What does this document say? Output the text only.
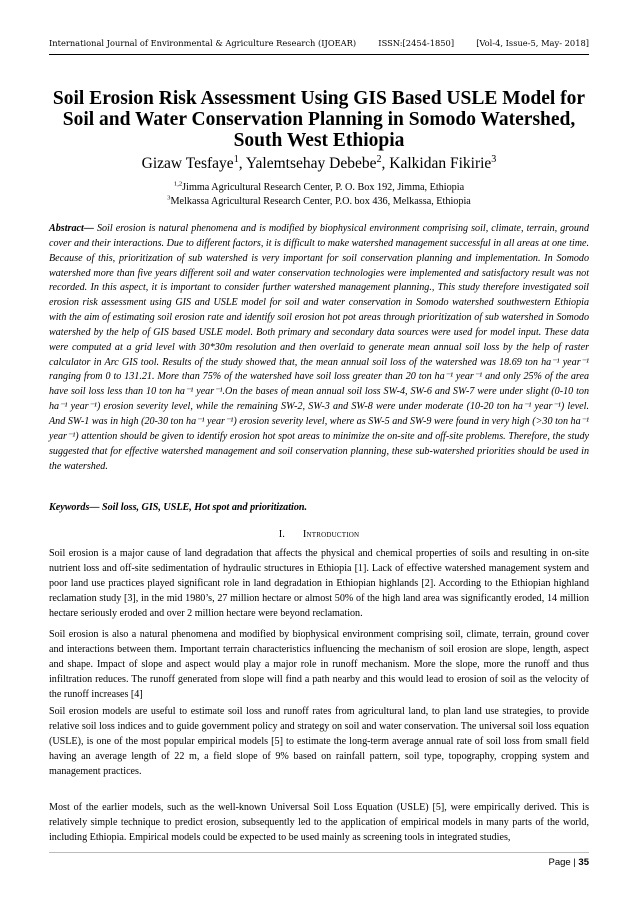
International Journal of Environmental & Agriculture Research (IJOEAR)	ISSN:[2454-1850]	[Vol-4, Issue-5, May- 2018]
Soil Erosion Risk Assessment Using GIS Based USLE Model for Soil and Water Conservation Planning in Somodo Watershed, South West Ethiopia
Gizaw Tesfaye$^1$, Yalemtsehay Debebe$^2$, Kalkidan Fikirie$^3$
$^{1,2}$Jimma Agricultural Research Center, P. O. Box 192, Jimma, Ethiopia
$^3$Melkassa Agricultural Research Center, P.O. box 436, Melkassa, Ethiopia

Abstract— Soil erosion is natural phenomena and is modified by biophysical environment comprising soil, climate, terrain, ground cover and their interactions. Due to different factors, it is difficult to make watershed management successful in all areas at one time. Because of this, prioritization of sub watershed is very important for soil conservation planning and implementation. In Somodo watershed more than five years different soil and water conservation technologies were implemented and satisfactory result was not recorded. In this aspect, it is important to consider further watershed management planning., This study therefore investigated soil erosion risk assessment using GIS and USLE model for soil and water conservation in Somodo watershed southwestern Ethiopia with the aim of estimating soil erosion rate and identify soil erosion hot pot areas through prioritization of sub watershed in Somodo watershed by the help of GIS based USLE model. Both primary and secondary data sources were used for model input. These data were computed at a grid level with 30*30m resolution and then overlaid to generate mean annual soil loss by the help of raster calculator in Arc GIS tool. Results of the study showed that, the mean annual soil loss of the watershed was 18.69 ton ha⁻¹ year⁻¹ ranging from 0 to 131.21. More than 75% of the watershed have soil loss greater than 20 ton ha⁻¹ year⁻¹ and only 25% of the area have soil loss less than 10 ton ha⁻¹ year⁻¹.On the bases of mean annual soil loss SW-4, SW-6 and SW-7 were under slight (0-10 ton ha⁻¹ year⁻¹) erosion severity level, while the remaining SW-2, SW-3 and SW-8 were under moderate (10-20 ton ha⁻¹ year⁻¹) level. And SW-1 was in high (20-30 ton ha⁻¹ year⁻¹) erosion severity level, where as SW-5 and SW-9 were found in very high (>30 ton ha⁻¹ year⁻¹) attention should be given to identify erosion hot spot areas to minimize the on-site and off-site problems. Therefore, the study suggested that for effective watershed management and soil conservation planning, these sub-watershed priorities should be used in the watershed.

Keywords— Soil loss, GIS, USLE, Hot spot and prioritization.
I. Introduction

Soil erosion is a major cause of land degradation that affects the physical and chemical properties of soils and resulting in on-site nutrient loss and off-site sedimentation of hydraulic structures in Ethiopia [1]. Lack of effective watershed management system and poor land use practices played significant role in land degradation in Ethiopian highlands [2]. According to the Ethiopian highland reclamation study [3], in the mid 1980’s, 27 million hectare or almost 50% of the high land area was significantly eroded, 14 million hectare seriously eroded and over 2 million hectare were beyond reclamation.

Soil erosion is also a natural phenomena and modified by biophysical environment comprising soil, climate, terrain, ground cover and interactions between them. Important terrain characteristics influencing the mechanism of soil erosion are slope, length, aspect and shape. Impact of slope and aspect would play a major role in runoff mechanism. More the slope, more the runoff and thus infiltration reduces. The runoff generated from slope will find a path nearby and this would lead to erosion of soil as the velocity of the runoff increases [4]

Soil erosion models are useful to estimate soil loss and runoff rates from agricultural land, to plan land use strategies, to provide relative soil loss indices and to guide government policy and strategy on soil and water conservation. The universal soil loss equation (USLE), is one of the most popular empirical models [5] to estimate the long-term average annual rate of soil loss from small field having an average length of 22 m, a field slope of 9% based on rainfall pattern, soil type, topography, cropping system and management practices.

Most of the earlier models, such as the well-known Universal Soil Loss Equation (USLE) [5], were empirically derived. This is relatively simple technique to predict erosion, subsequently led to the application of empirical models in many parts of the world, including Ethiopia. Empirical models could be expected to be used mainly as screening tools in integrated studies,

Page | 35
